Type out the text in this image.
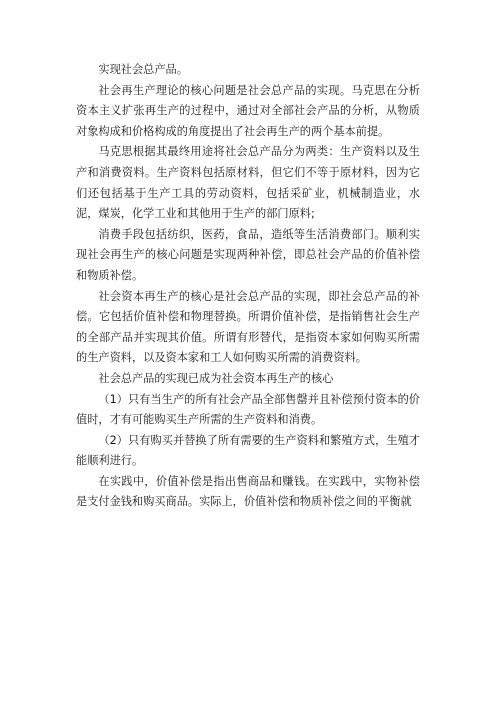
实现社会总产品。

社会再生产理论的核心问题是社会总产品的实现。马克思在分析资本主义扩张再生产的过程中，通过对全部社会产品的分析，从物质对象构成和价格构成的角度提出了社会再生产的两个基本前提。

马克思根据其最终用途将社会总产品分为两类：生产资料以及生产和消费资料。生产资料包括原材料，但它们不等于原材料，因为它们还包括基于生产工具的劳动资料，包括采矿业，机械制造业，水泥，煤炭，化学工业和其他用于生产的部门原料;

消费手段包括纺织，医药，食品，造纸等生活消费部门。顺利实现社会再生产的核心问题是实现两种补偿，即总社会产品的价值补偿和物质补偿。

社会资本再生产的核心是社会总产品的实现，即社会总产品的补偿。它包括价值补偿和物理替换。所谓价值补偿，是指销售社会生产的全部产品并实现其价值。所谓有形替代，是指资本家如何购买所需的生产资料，以及资本家和工人如何购买所需的消费资料。

社会总产品的实现已成为社会资本再生产的核心

（1）只有当生产的所有社会产品全部售罄并且补偿预付资本的价值时，才有可能购买生产所需的生产资料和消费。

（2）只有购买并替换了所有需要的生产资料和繁殖方式，生殖才能顺利进行。

在实践中，价值补偿是指出售商品和赚钱。在实践中，实物补偿是支付金钱和购买商品。实际上，价值补偿和物质补偿之间的平衡就
